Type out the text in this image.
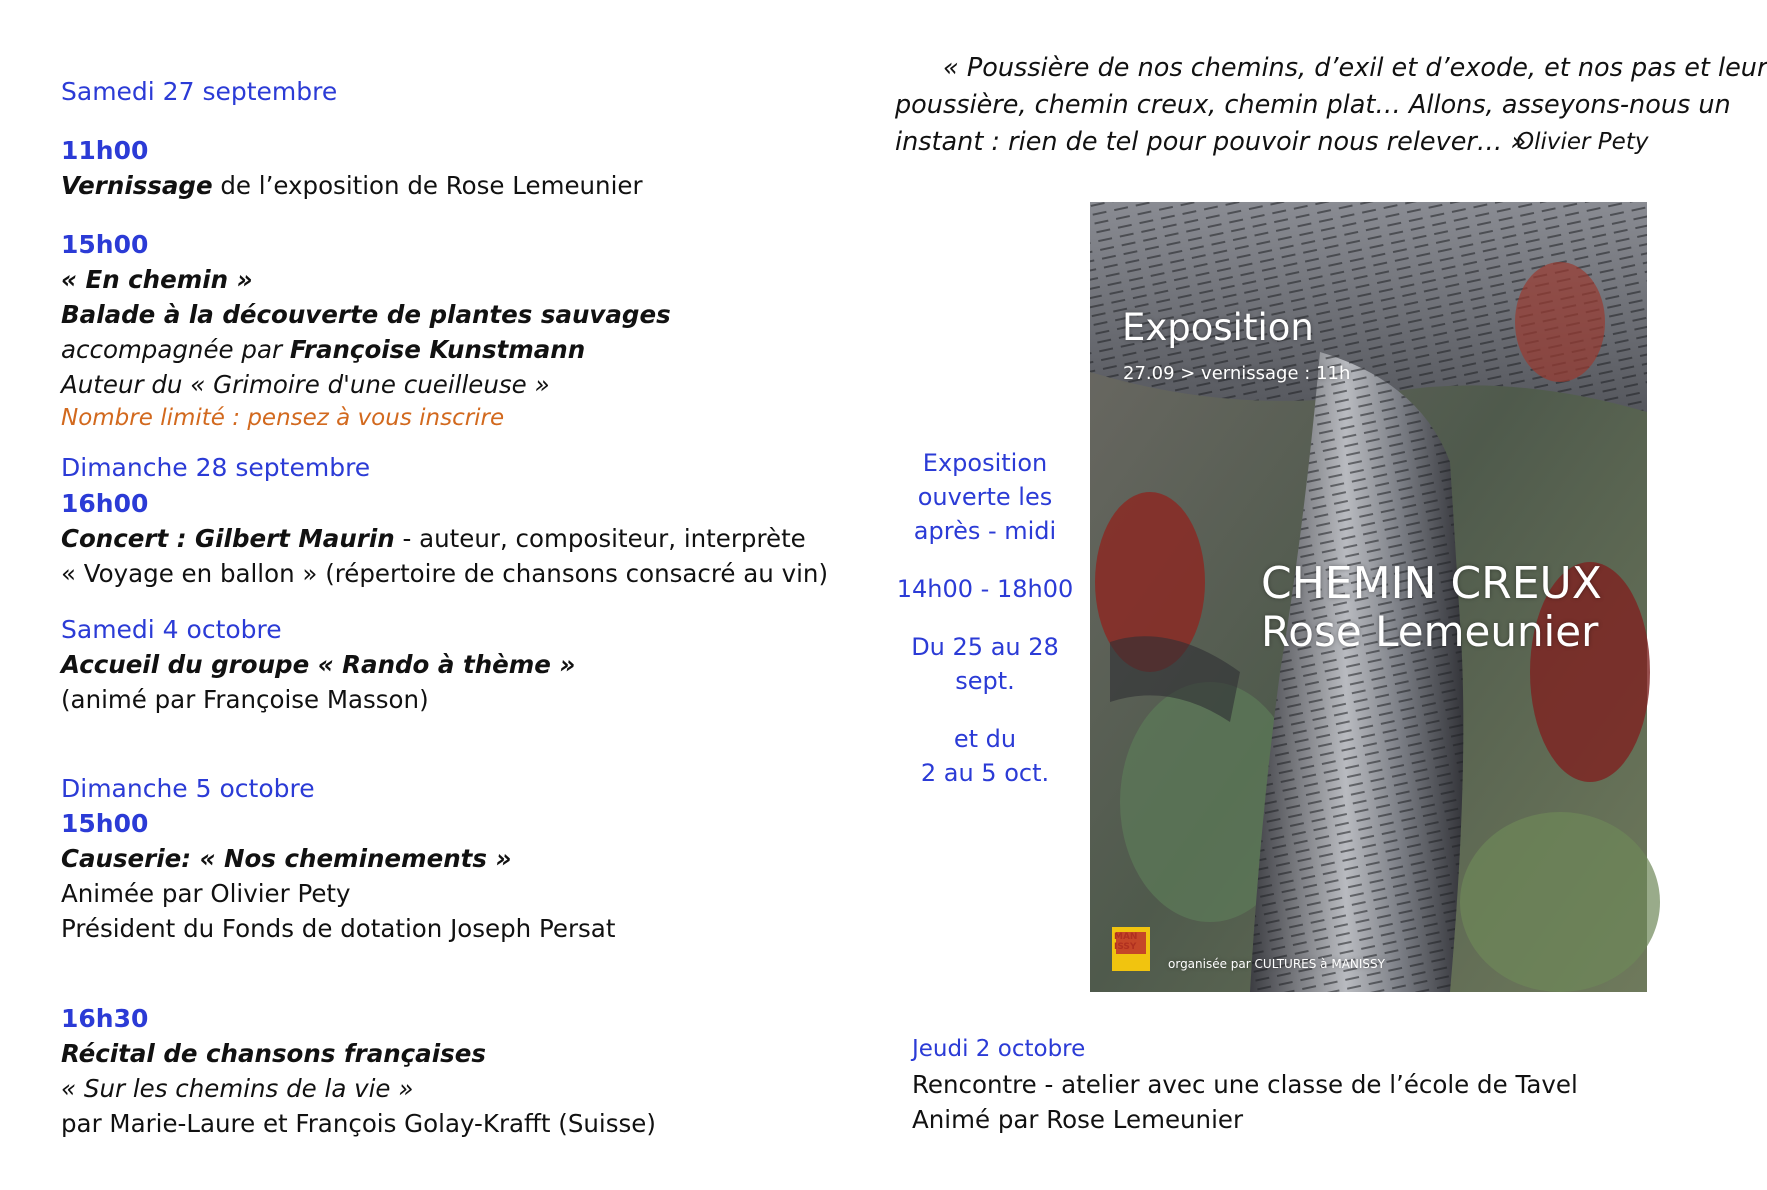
Samedi 27 septembre
11h00
Vernissage de l’exposition de Rose Lemeunier
15h00
« En chemin »
Balade à la découverte de plantes sauvages
accompagnée par Françoise Kunstmann
Auteur du « Grimoire d'une cueilleuse »
Nombre limité : pensez à vous inscrire
Dimanche 28 septembre
16h00
Concert : Gilbert Maurin - auteur, compositeur, interprète
« Voyage en ballon » (répertoire de chansons consacré au vin)
Samedi 4 octobre
Accueil du groupe « Rando à thème »
(animé par Françoise Masson)
Dimanche 5 octobre
15h00
Causerie: « Nos cheminements »
Animée par Olivier Pety
Président du Fonds de dotation Joseph Persat
16h30
Récital de chansons françaises
« Sur les chemins de la vie »
par Marie-Laure et François Golay-Krafft (Suisse)
« Poussière de nos chemins, d’exil et d’exode, et nos pas et leur
poussière, chemin creux, chemin plat… Allons, asseyons-nous un
instant : rien de tel pour pouvoir nous relever… »
Olivier Pety

Exposition
ouverte les
après - midi

14h00 - 18h00

Du 25 au 28
sept.

et du
2 au 5 oct.

Exposition
27.09 > vernissage : 11h
CHEMIN CREUX
Rose Lemeunier
MAN ISSY
organisée par CULTURES à MANISSY
Jeudi 2 octobre
Rencontre - atelier avec une classe de l’école de Tavel
Animé par Rose Lemeunier
